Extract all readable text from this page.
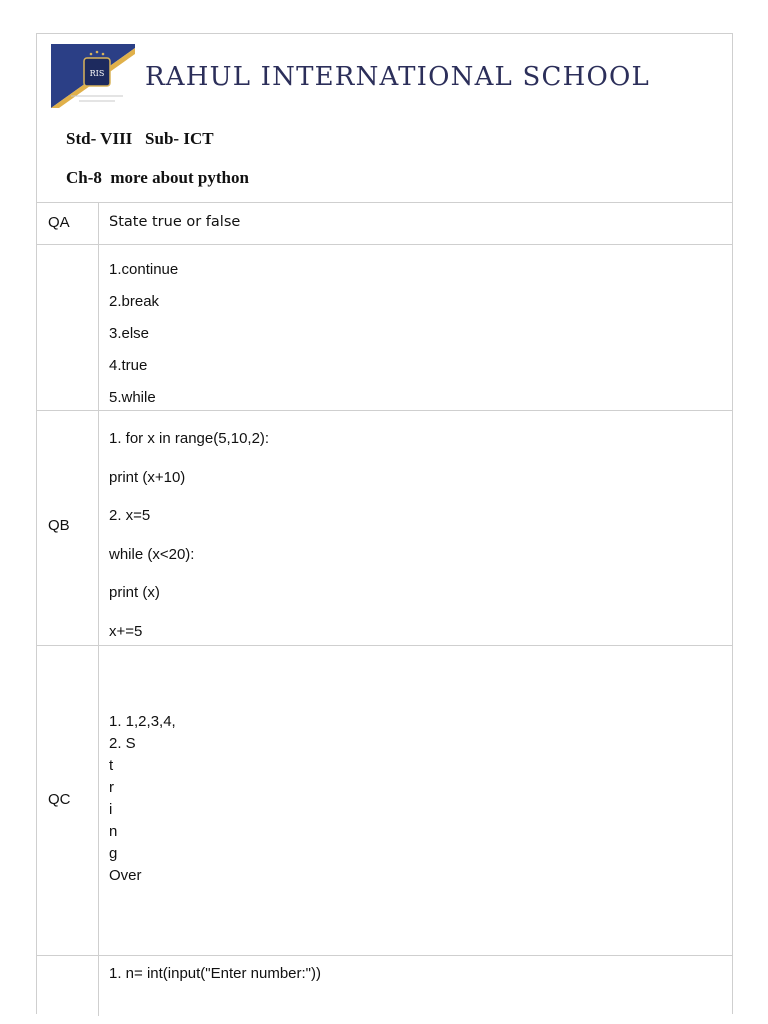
RIS RAHUL INTERNATIONAL SCHOOL
Std- VIII   Sub- ICT
Ch-8  more about python
QA	State true or false

1.continue

2.break

3.else

4.true

5.while

QB

1. for x in range(5,10,2):

print (x+10)

2. x=5

while (x<20):

print (x)

x+=5

QC

1. 1,2,3,4,

2. S

t

r

i

n

g

Over

1. n= int(input("Enter number:"))
